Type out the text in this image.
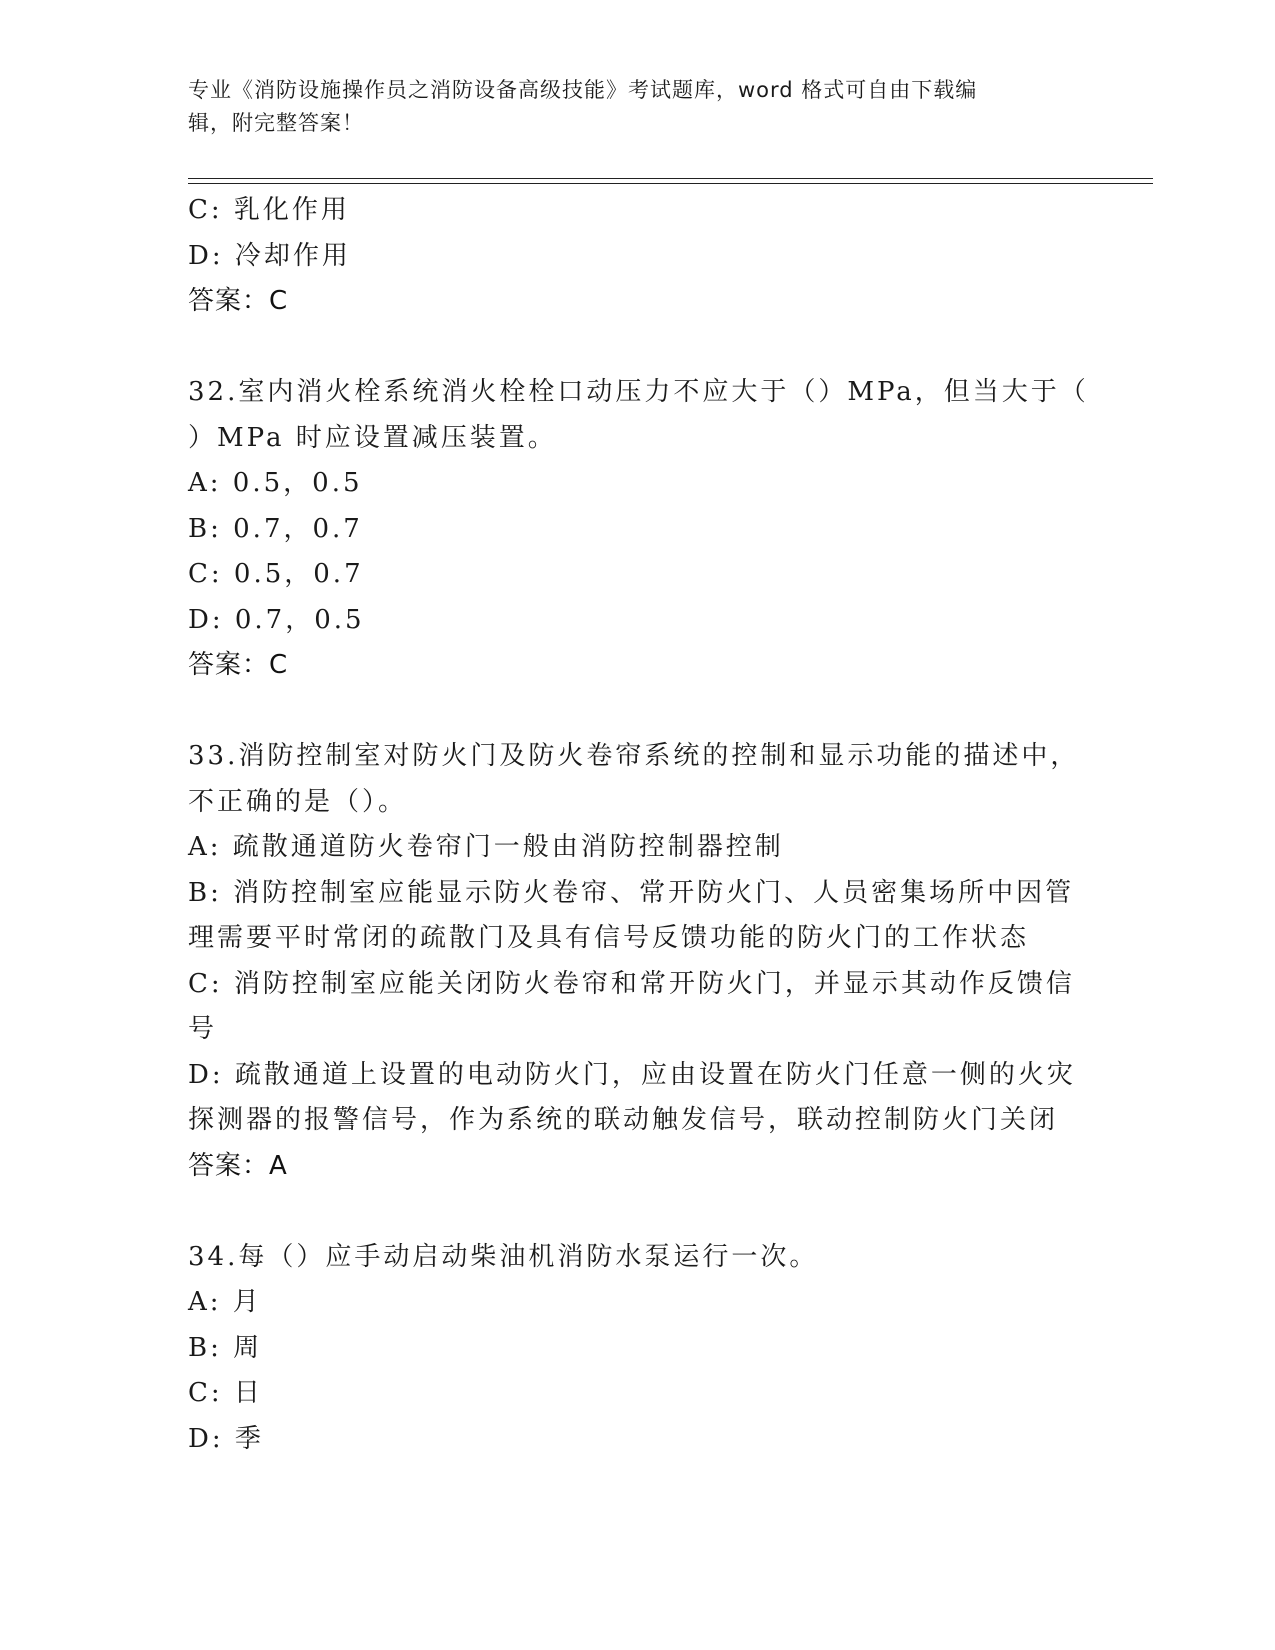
专业《消防设施操作员之消防设备高级技能》考试题库，word 格式可自由下载编
辑，附完整答案！
C: 乳化作用
D: 冷却作用
答案：C
32.室内消火栓系统消火栓栓口动压力不应大于（）MPa，但当大于（
）MPa 时应设置减压装置。
A: 0.5，0.5
B: 0.7，0.7
C: 0.5，0.7
D: 0.7，0.5
答案：C
33.消防控制室对防火门及防火卷帘系统的控制和显示功能的描述中，
不正确的是（）。
A: 疏散通道防火卷帘门一般由消防控制器控制
B: 消防控制室应能显示防火卷帘、常开防火门、人员密集场所中因管
理需要平时常闭的疏散门及具有信号反馈功能的防火门的工作状态
C: 消防控制室应能关闭防火卷帘和常开防火门，并显示其动作反馈信
号
D: 疏散通道上设置的电动防火门，应由设置在防火门任意一侧的火灾
探测器的报警信号，作为系统的联动触发信号，联动控制防火门关闭
答案：A
34.每（）应手动启动柴油机消防水泵运行一次。
A: 月
B: 周
C: 日
D: 季
